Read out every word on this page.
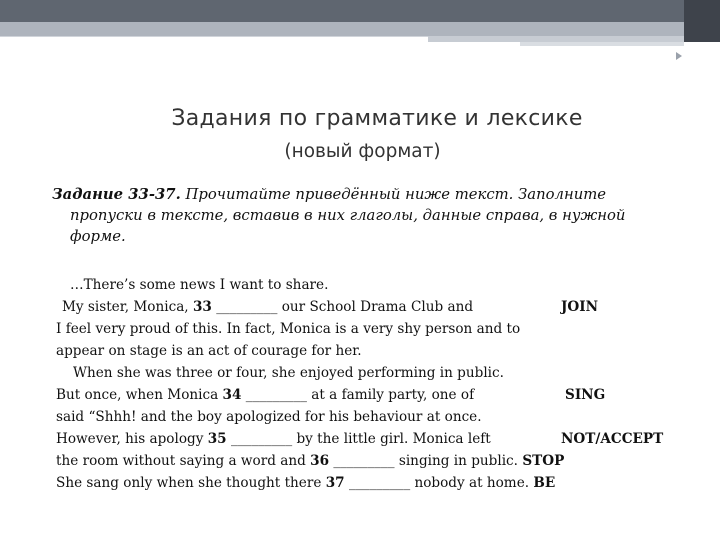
Задания по грамматике и лексике
(новый формат)
Задание 33-37. Прочитайте приведённый ниже текст. Заполните
пропуски в тексте, вставив в них глаголы, данные справа, в нужной
форме.
…There’s some news I want to share.
My sister, Monica, 33 _________ our School Drama Club and	JOIN
I feel very proud of this. In fact, Monica is a very shy person and to
appear on stage is an act of courage for her.
When she was three or four, she enjoyed performing in public.
But once, when Monica 34 _________ at a family party, one of	SING
said “Shhh! and the boy apologized for his behaviour at once.
However, his apology 35 _________ by the little girl. Monica left	NOT/ACCEPT
the room without saying a word and 36 _________ singing in public. STOP
She sang only when she thought there 37 _________ nobody at home. BE
